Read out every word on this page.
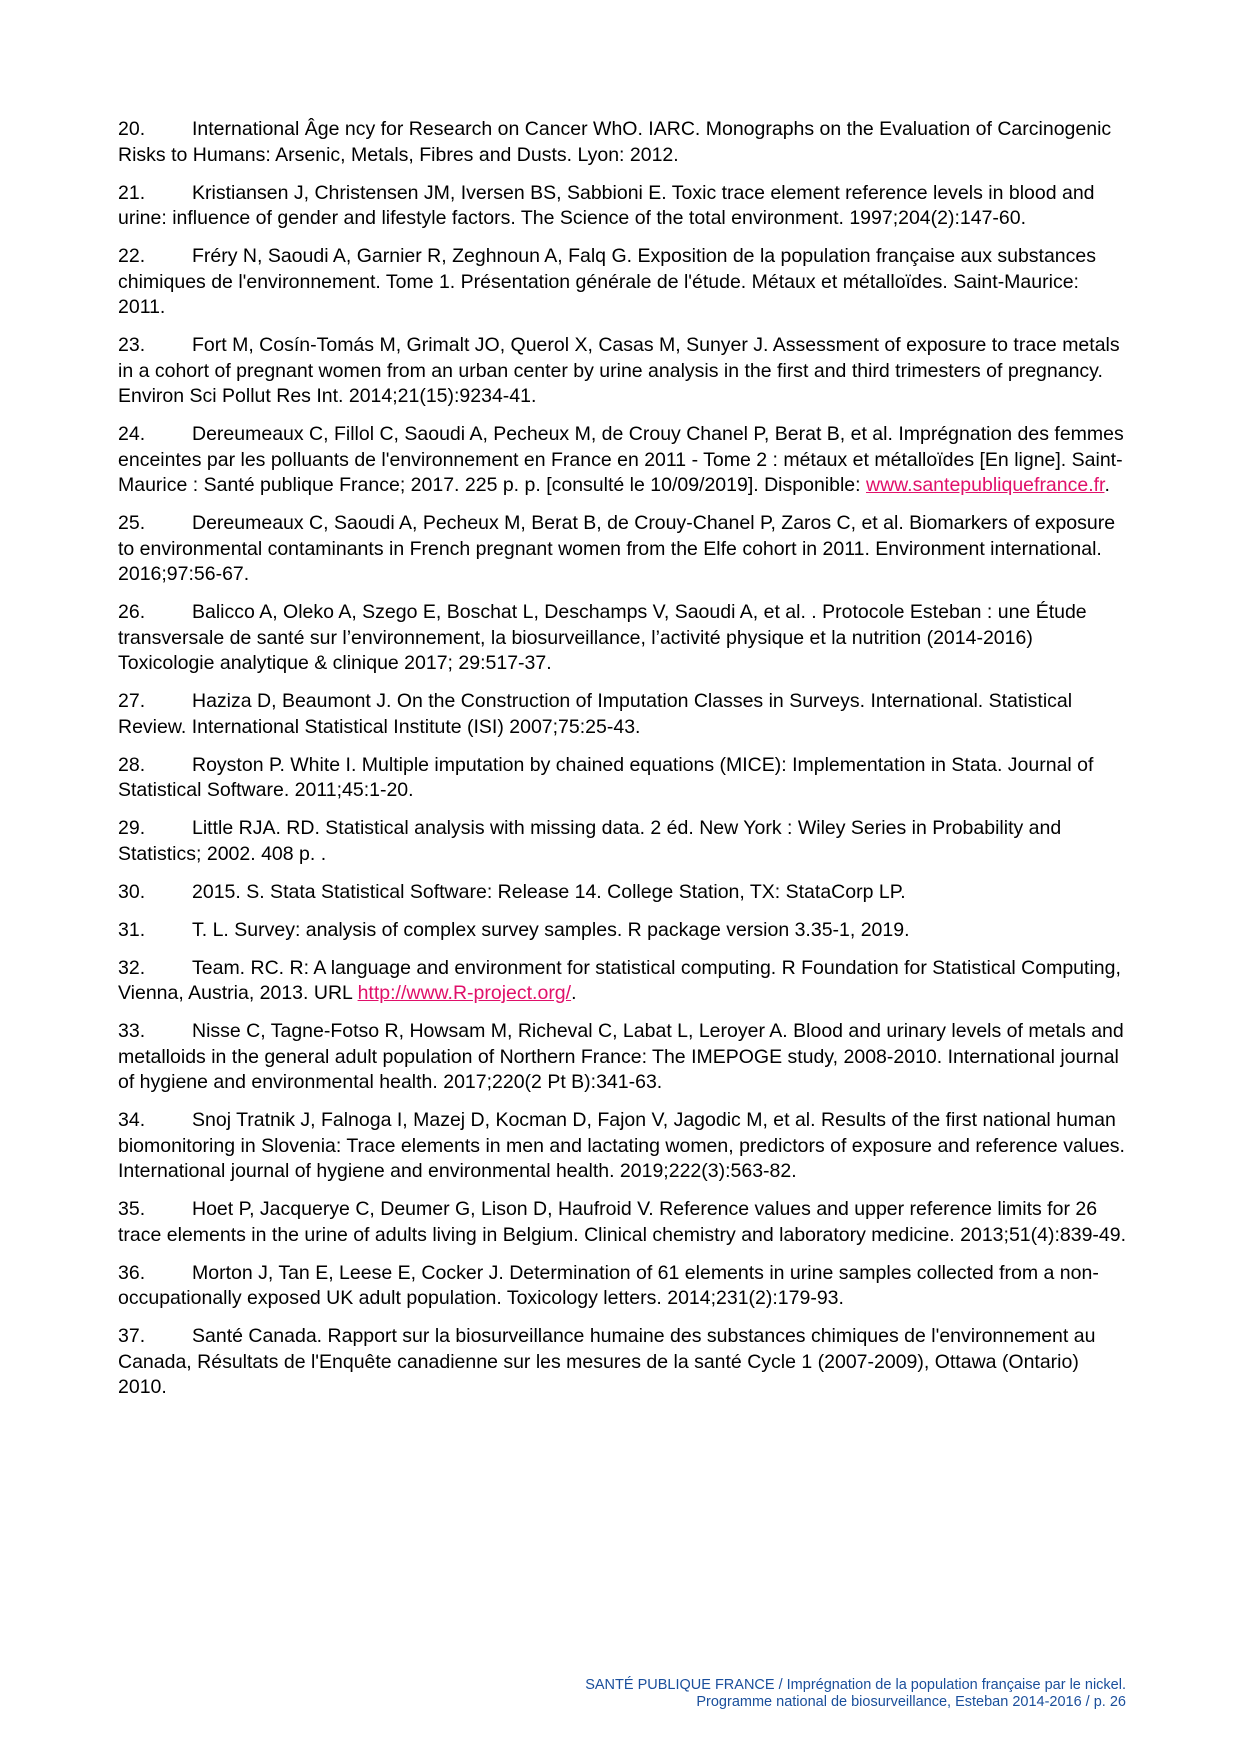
20. International Âge ncy for Research on Cancer WhO. IARC. Monographs on the Evaluation of Carcinogenic Risks to Humans: Arsenic, Metals, Fibres and Dusts. Lyon: 2012.

21. Kristiansen J, Christensen JM, Iversen BS, Sabbioni E. Toxic trace element reference levels in blood and urine: influence of gender and lifestyle factors. The Science of the total environment. 1997;204(2):147-60.

22. Fréry N, Saoudi A, Garnier R, Zeghnoun A, Falq G. Exposition de la population française aux substances chimiques de l'environnement. Tome 1. Présentation générale de l'étude. Métaux et métalloïdes. Saint-Maurice: 2011.

23. Fort M, Cosín-Tomás M, Grimalt JO, Querol X, Casas M, Sunyer J. Assessment of exposure to trace metals in a cohort of pregnant women from an urban center by urine analysis in the first and third trimesters of pregnancy. Environ Sci Pollut Res Int. 2014;21(15):9234-41.

24. Dereumeaux C, Fillol C, Saoudi A, Pecheux M, de Crouy Chanel P, Berat B, et al. Imprégnation des femmes enceintes par les polluants de l'environnement en France en 2011 - Tome 2 : métaux et métalloïdes [En ligne]. Saint-Maurice : Santé publique France; 2017. 225 p. p. [consulté le 10/09/2019]. Disponible: www.santepubliquefrance.fr.

25. Dereumeaux C, Saoudi A, Pecheux M, Berat B, de Crouy-Chanel P, Zaros C, et al. Biomarkers of exposure to environmental contaminants in French pregnant women from the Elfe cohort in 2011. Environment international. 2016;97:56-67.

26. Balicco A, Oleko A, Szego E, Boschat L, Deschamps V, Saoudi A, et al. . Protocole Esteban : une Étude transversale de santé sur l’environnement, la biosurveillance, l’activité physique et la nutrition (2014-2016) Toxicologie analytique & clinique 2017; 29:517-37.

27. Haziza D, Beaumont J. On the Construction of Imputation Classes in Surveys. International. Statistical Review. International Statistical Institute (ISI) 2007;75:25-43.

28. Royston P. White I. Multiple imputation by chained equations (MICE): Implementation in Stata. Journal of Statistical Software. 2011;45:1-20.

29. Little RJA. RD. Statistical analysis with missing data. 2 éd. New York : Wiley Series in Probability and Statistics; 2002. 408 p. .

30. 2015. S. Stata Statistical Software: Release 14. College Station, TX: StataCorp LP.

31. T. L. Survey: analysis of complex survey samples. R package version 3.35-1, 2019.

32. Team. RC. R: A language and environment for statistical computing. R Foundation for Statistical Computing, Vienna, Austria, 2013. URL http://www.R-project.org/.

33. Nisse C, Tagne-Fotso R, Howsam M, Richeval C, Labat L, Leroyer A. Blood and urinary levels of metals and metalloids in the general adult population of Northern France: The IMEPOGE study, 2008-2010. International journal of hygiene and environmental health. 2017;220(2 Pt B):341-63.

34. Snoj Tratnik J, Falnoga I, Mazej D, Kocman D, Fajon V, Jagodic M, et al. Results of the first national human biomonitoring in Slovenia: Trace elements in men and lactating women, predictors of exposure and reference values. International journal of hygiene and environmental health. 2019;222(3):563-82.

35. Hoet P, Jacquerye C, Deumer G, Lison D, Haufroid V. Reference values and upper reference limits for 26 trace elements in the urine of adults living in Belgium. Clinical chemistry and laboratory medicine. 2013;51(4):839-49.

36. Morton J, Tan E, Leese E, Cocker J. Determination of 61 elements in urine samples collected from a non-occupationally exposed UK adult population. Toxicology letters. 2014;231(2):179-93.

37. Santé Canada. Rapport sur la biosurveillance humaine des substances chimiques de l'environnement au Canada, Résultats de l'Enquête canadienne sur les mesures de la santé Cycle 1 (2007-2009), Ottawa (Ontario) 2010.

SANTÉ PUBLIQUE FRANCE / Imprégnation de la population française par le nickel.
Programme national de biosurveillance, Esteban 2014-2016 / p. 26
